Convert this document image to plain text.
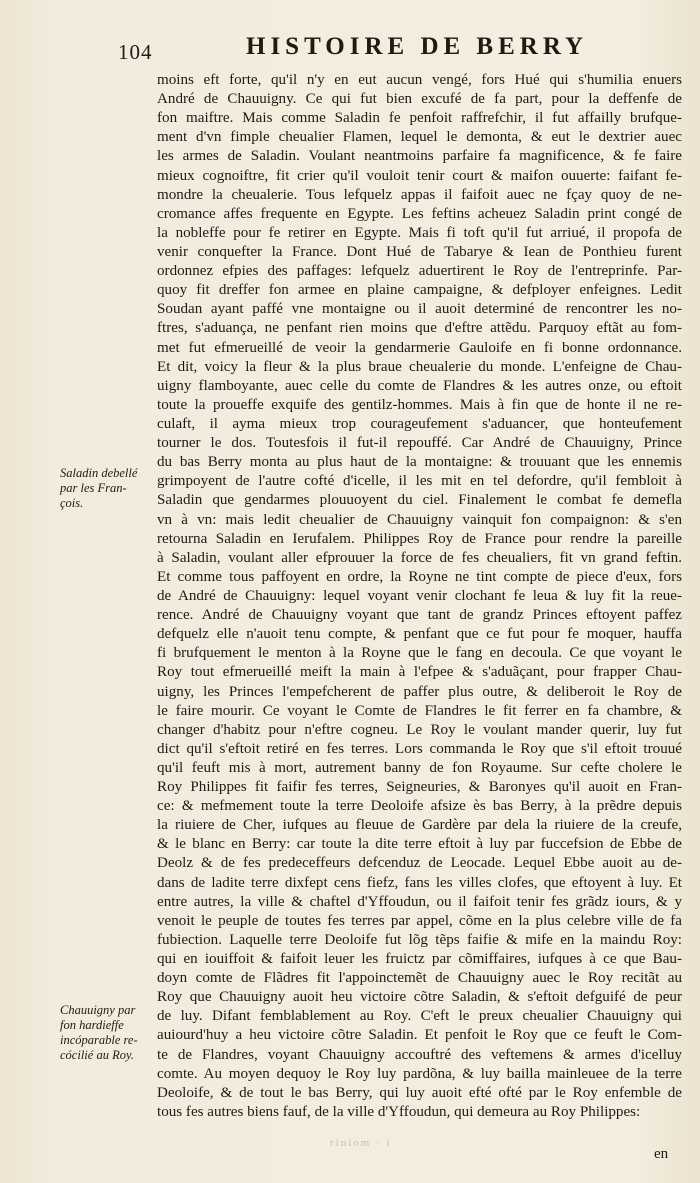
104	HISTOIRE DE BERRY
moins eft forte, qu'il n'y en eut aucun vengé, fors Hué qui s'humilia enuers
André de Chauuigny. Ce qui fut bien excufé de fa part, pour la deffenfe de
fon maiftre. Mais comme Saladin fe penfoit raffrefchir, il fut affailly brufque-
ment d'vn fimple cheualier Flamen, lequel le demonta, & eut le dextrier auec
les armes de Saladin. Voulant neantmoins parfaire fa magnificence, & fe faire
mieux cognoiftre, fit crier qu'il vouloit tenir court & maifon ouuerte: faifant fe-
mondre la cheualerie. Tous lefquelz appas il faifoit auec ne fçay quoy de ne-
cromance affes frequente en Egypte. Les feftins acheuez Saladin print congé de
la nobleffe pour fe retirer en Egypte. Mais fi toft qu'il fut arriué, il propofa de
venir conquefter la France. Dont Hué de Tabarye & Iean de Ponthieu furent
ordonnez efpies des paffages: lefquelz aduertirent le Roy de l'entreprinfe. Par-
quoy fit dreffer fon armee en plaine campaigne, & defployer enfeignes. Ledit
Soudan ayant paffé vne montaigne ou il auoit determiné de rencontrer les no-
ftres, s'aduança, ne penfant rien moins que d'eftre attẽdu. Parquoy eftãt au fom-
met fut efmerueillé de veoir la gendarmerie Gauloife en fi bonne ordonnance.
Et dit, voicy la fleur & la plus braue cheualerie du monde. L'enfeigne de Chau-
uigny flamboyante, auec celle du comte de Flandres & les autres onze, ou eftoit
toute la proueffe exquife des gentilz-hommes. Mais à fin que de honte il ne re-
culaft, il ayma mieux trop courageufement s'aduancer, que honteufement
tourner le dos. Toutesfois il fut-il repouffé. Car André de Chauuigny, Prince
du bas Berry monta au plus haut de la montaigne: & trouuant que les ennemis
grimpoyent de l'autre cofté d'icelle, il les mit en tel defordre, qu'il fembloit à
Saladin que gendarmes plouuoyent du ciel. Finalement le combat fe demefla
vn à vn: mais ledit cheualier de Chauuigny vainquit fon compaignon: & s'en
retourna Saladin en Ierufalem. Philippes Roy de France pour rendre la pareille
à Saladin, voulant aller efprouuer la force de fes cheualiers, fit vn grand feftin.
Et comme tous paffoyent en ordre, la Royne ne tint compte de piece d'eux, fors
de André de Chauuigny: lequel voyant venir clochant fe leua & luy fit la reue-
rence. André de Chauuigny voyant que tant de grandz Princes eftoyent paffez
defquelz elle n'auoit tenu compte, & penfant que ce fut pour fe moquer, hauffa
fi brufquement le menton à la Royne que le fang en decoula. Ce que voyant le
Roy tout efmerueillé meift la main à l'efpee & s'aduãçant, pour frapper Chau-
uigny, les Princes l'empefcherent de paffer plus outre, & deliberoit le Roy de
le faire mourir. Ce voyant le Comte de Flandres le fit ferrer en fa chambre, &
changer d'habitz pour n'eftre cogneu. Le Roy le voulant mander querir, luy fut
dict qu'il s'eftoit retiré en fes terres. Lors commanda le Roy que s'il eftoit trouué
qu'il feuft mis à mort, autrement banny de fon Royaume. Sur cefte cholere le
Roy Philippes fit faifir fes terres, Seigneuries, & Baronyes qu'il auoit en Fran-
ce: & mefmement toute la terre Deoloife afsize ès bas Berry, à la prẽdre depuis
la riuiere de Cher, iufques au fleuue de Gardère par dela la riuiere de la creufe,
& le blanc en Berry: car toute la dite terre eftoit à luy par fuccefsion de Ebbe de
Deolz & de fes predeceffeurs defcenduz de Leocade. Lequel Ebbe auoit au de-
dans de ladite terre dixfept cens fiefz, fans les villes clofes, que eftoyent à luy. Et
entre autres, la ville & chaftel d'Yffoudun, ou il faifoit tenir fes grãdz iours, & y
venoit le peuple de toutes fes terres par appel, cõme en la plus celebre ville de fa
fubiection. Laquelle terre Deoloife fut lõg tẽps faifie & mife en la maindu Roy:
qui en iouiffoit & faifoit leuer les fruictz par cõmiffaires, iufques à ce que Bau-
doyn comte de Flãdres fit l'appoinctemẽt de Chauuigny auec le Roy recitãt au
Roy que Chauuigny auoit heu victoire cõtre Saladin, & s'eftoit defguifé de peur
de luy. Difant femblablement au Roy. C'eft le preux cheualier Chauuigny qui
auiourd'huy a heu victoire cõtre Saladin. Et penfoit le Roy que ce feuft le Com-
te de Flandres, voyant Chauuigny accouftré des veftemens & armes d'icelluy
comte. Au moyen dequoy le Roy luy pardõna, & luy bailla mainleuee de la terre
Deoloife, & de tout le bas Berry, qui luy auoit efté ofté par le Roy enfemble de
tous fes autres biens fauf, de la ville d'Yffoudun, qui demeura au Roy Philippes:
Saladin debellé
par les Fran-
çois.
Chauuigny par
fon hardieffe
incóparable re-
cócilié au Roy.
riniom · i
en
